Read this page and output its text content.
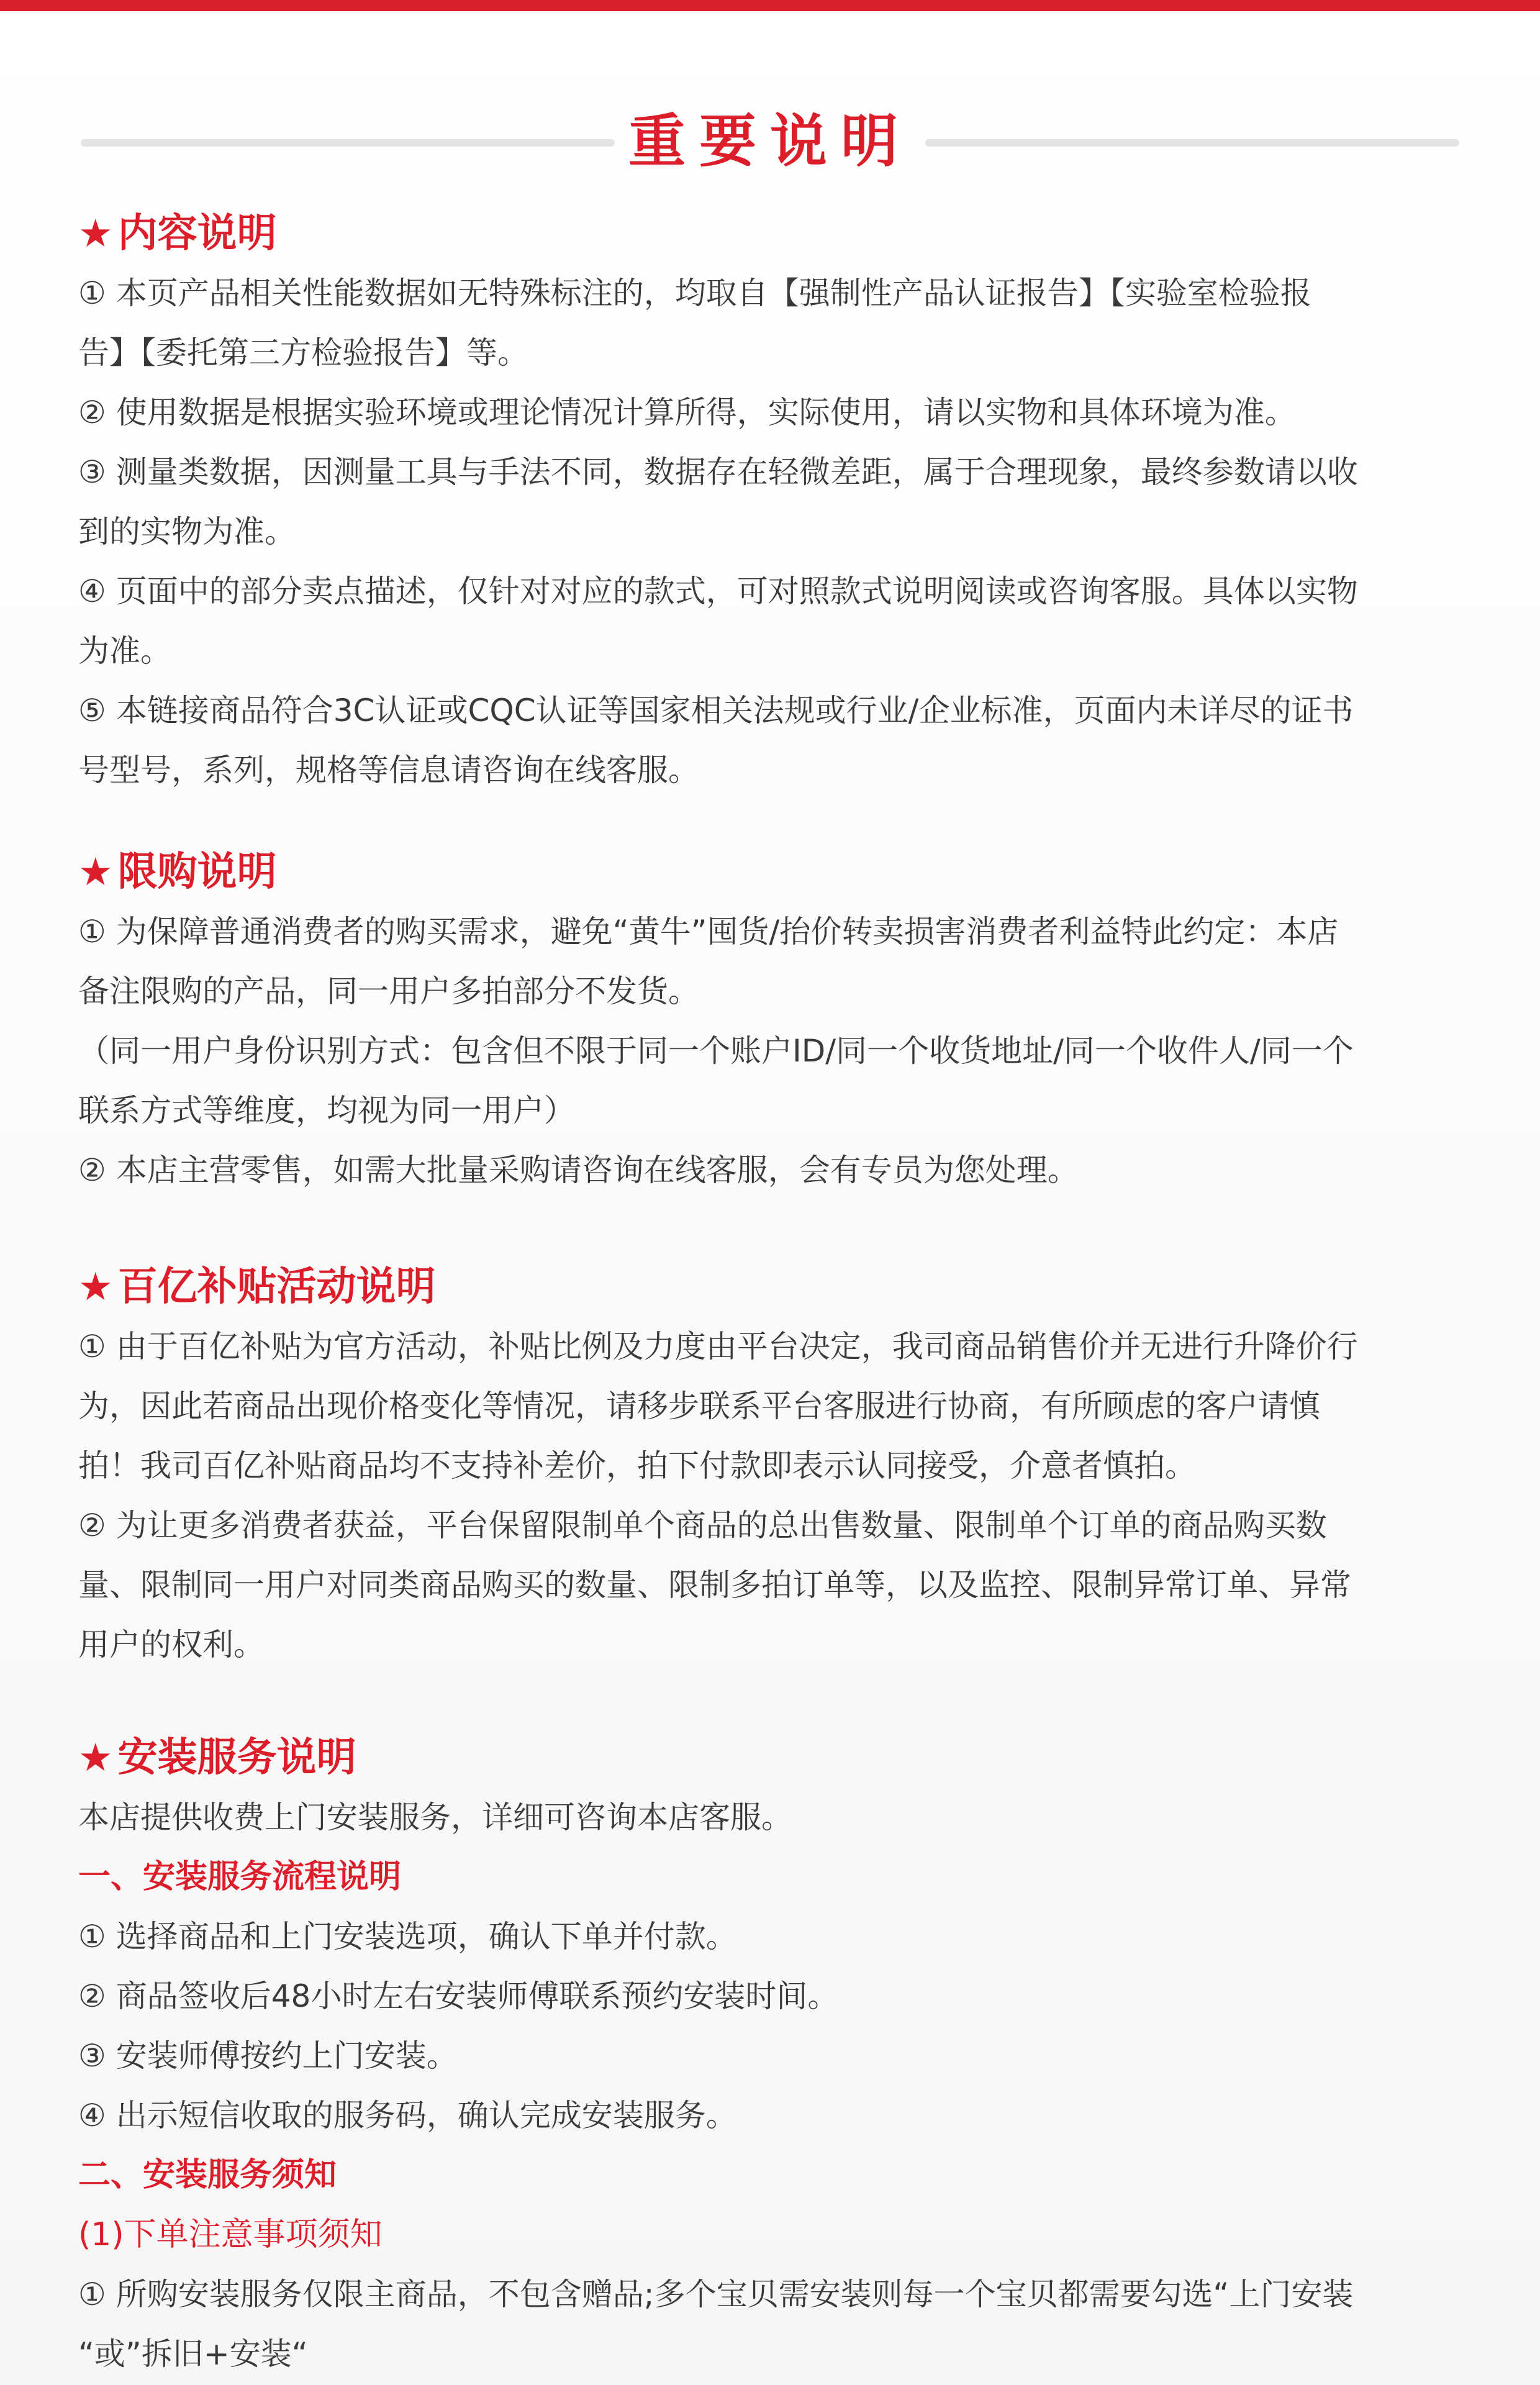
重要说明
★ 内容说明

① 本页产品相关性能数据如无特殊标注的，均取自【强制性产品认证报告】【实验室检验报

告】【委托第三方检验报告】等。

② 使用数据是根据实验环境或理论情况计算所得，实际使用，请以实物和具体环境为准。

③ 测量类数据，因测量工具与手法不同，数据存在轻微差距，属于合理现象，最终参数请以收

到的实物为准。

④ 页面中的部分卖点描述，仅针对对应的款式，可对照款式说明阅读或咨询客服。具体以实物

为准。

⑤ 本链接商品符合3C认证或CQC认证等国家相关法规或行业/企业标准，页面内未详尽的证书

号型号，系列，规格等信息请咨询在线客服。

★ 限购说明

① 为保障普通消费者的购买需求，避免“黄牛”囤货/抬价转卖损害消费者利益特此约定：本店

备注限购的产品，同一用户多拍部分不发货。

（同一用户身份识别方式：包含但不限于同一个账户ID/同一个收货地址/同一个收件人/同一个

联系方式等维度，均视为同一用户）

② 本店主营零售，如需大批量采购请咨询在线客服，会有专员为您处理。

★ 百亿补贴活动说明

① 由于百亿补贴为官方活动，补贴比例及力度由平台决定，我司商品销售价并无进行升降价行

为，因此若商品出现价格变化等情况，请移步联系平台客服进行协商，有所顾虑的客户请慎

拍！我司百亿补贴商品均不支持补差价，拍下付款即表示认同接受，介意者慎拍。

② 为让更多消费者获益，平台保留限制单个商品的总出售数量、限制单个订单的商品购买数

量、限制同一用户对同类商品购买的数量、限制多拍订单等，以及监控、限制异常订单、异常

用户的权利。

★ 安装服务说明

本店提供收费上门安装服务，详细可咨询本店客服。

一、安装服务流程说明

① 选择商品和上门安装选项，确认下单并付款。

② 商品签收后48小时左右安装师傅联系预约安装时间。

③ 安装师傅按约上门安装。

④ 出示短信收取的服务码，确认完成安装服务。

二、安装服务须知

(1)下单注意事项须知

① 所购安装服务仅限主商品，不包含赠品;多个宝贝需安装则每一个宝贝都需要勾选“上门安装

“或”拆旧+安装“
